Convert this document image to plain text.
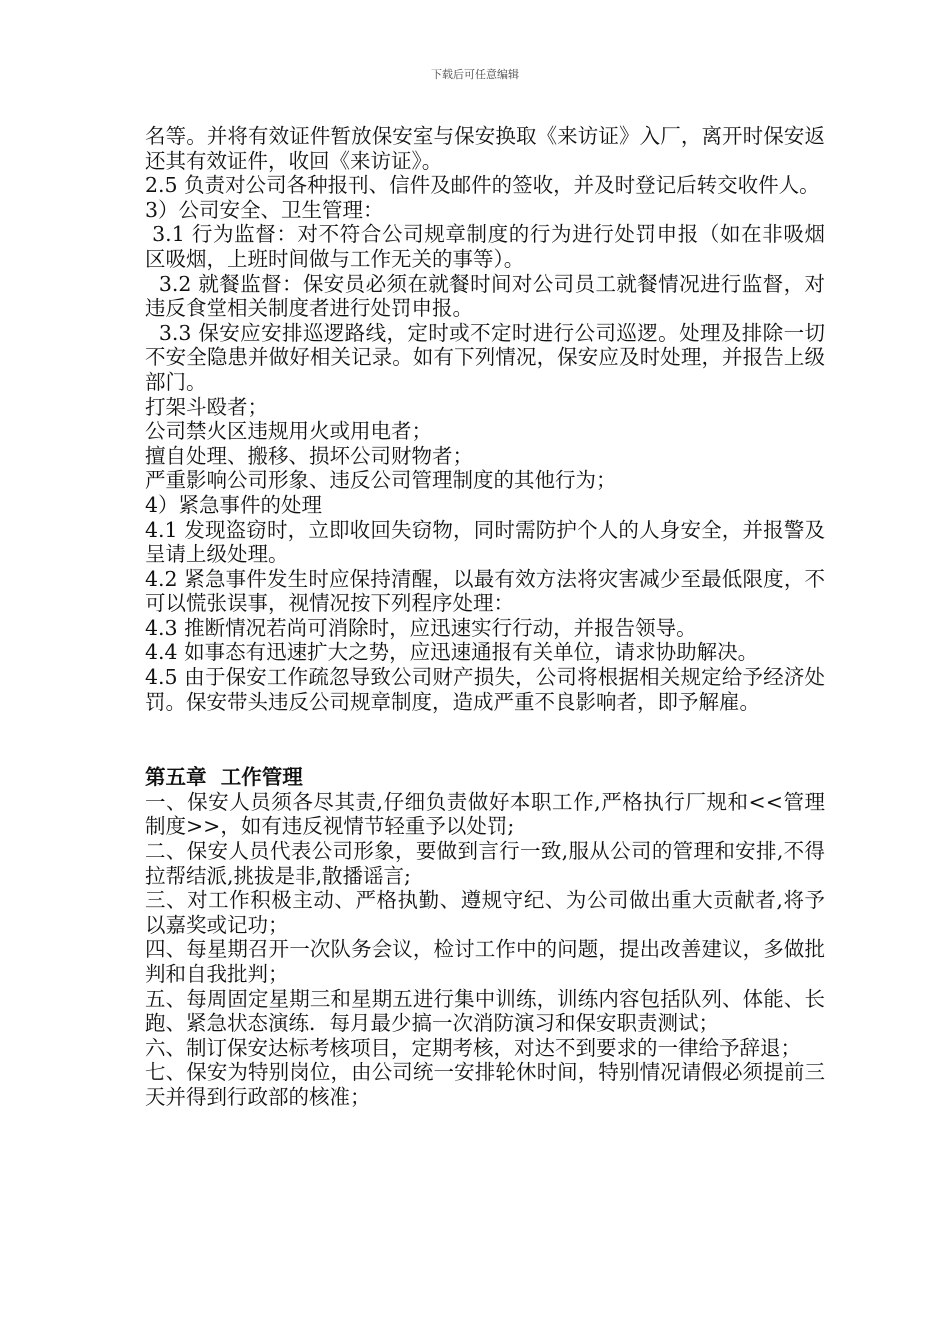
下载后可任意编辑

名等。并将有效证件暂放保安室与保安换取《来访证》入厂，离开时保安返还其有效证件，收回《来访证》。

2.5 负责对公司各种报刊、信件及邮件的签收，并及时登记后转交收件人。

3）公司安全、卫生管理：

3.1 行为监督：对不符合公司规章制度的行为进行处罚申报（如在非吸烟区吸烟，上班时间做与工作无关的事等）。

3.2 就餐监督：保安员必须在就餐时间对公司员工就餐情况进行监督，对违反食堂相关制度者进行处罚申报。

3.3 保安应安排巡逻路线，定时或不定时进行公司巡逻。处理及排除一切不安全隐患并做好相关记录。如有下列情况，保安应及时处理，并报告上级部门。

打架斗殴者；

公司禁火区违规用火或用电者；

擅自处理、搬移、损坏公司财物者；

严重影响公司形象、违反公司管理制度的其他行为；

4）紧急事件的处理

4.1 发现盗窃时，立即收回失窃物，同时需防护个人的人身安全，并报警及呈请上级处理。

4.2 紧急事件发生时应保持清醒，以最有效方法将灾害减少至最低限度，不可以慌张误事，视情况按下列程序处理：

4.3 推断情况若尚可消除时，应迅速实行行动，并报告领导。

4.4 如事态有迅速扩大之势，应迅速通报有关单位，请求协助解决。

4.5 由于保安工作疏忽导致公司财产损失，公司将根据相关规定给予经济处罚。保安带头违反公司规章制度，造成严重不良影响者，即予解雇。

第五章  工作管理

一、保安人员须各尽其责,仔细负责做好本职工作,严格执行厂规和<<管理制度>>，如有违反视情节轻重予以处罚;

二、保安人员代表公司形象，要做到言行一致,服从公司的管理和安排,不得拉帮结派,挑拔是非,散播谣言;

三、对工作积极主动、严格执勤、遵规守纪、为公司做出重大贡献者,将予以嘉奖或记功；

四、每星期召开一次队务会议，检讨工作中的问题，提出改善建议，多做批判和自我批判；

五、每周固定星期三和星期五进行集中训练，训练内容包括队列、体能、长跑、紧急状态演练．每月最少搞一次消防演习和保安职责测试；

六、制订保安达标考核项目，定期考核，对达不到要求的一律给予辞退；

七、保安为特别岗位，由公司统一安排轮休时间，特别情况请假必须提前三天并得到行政部的核准；
